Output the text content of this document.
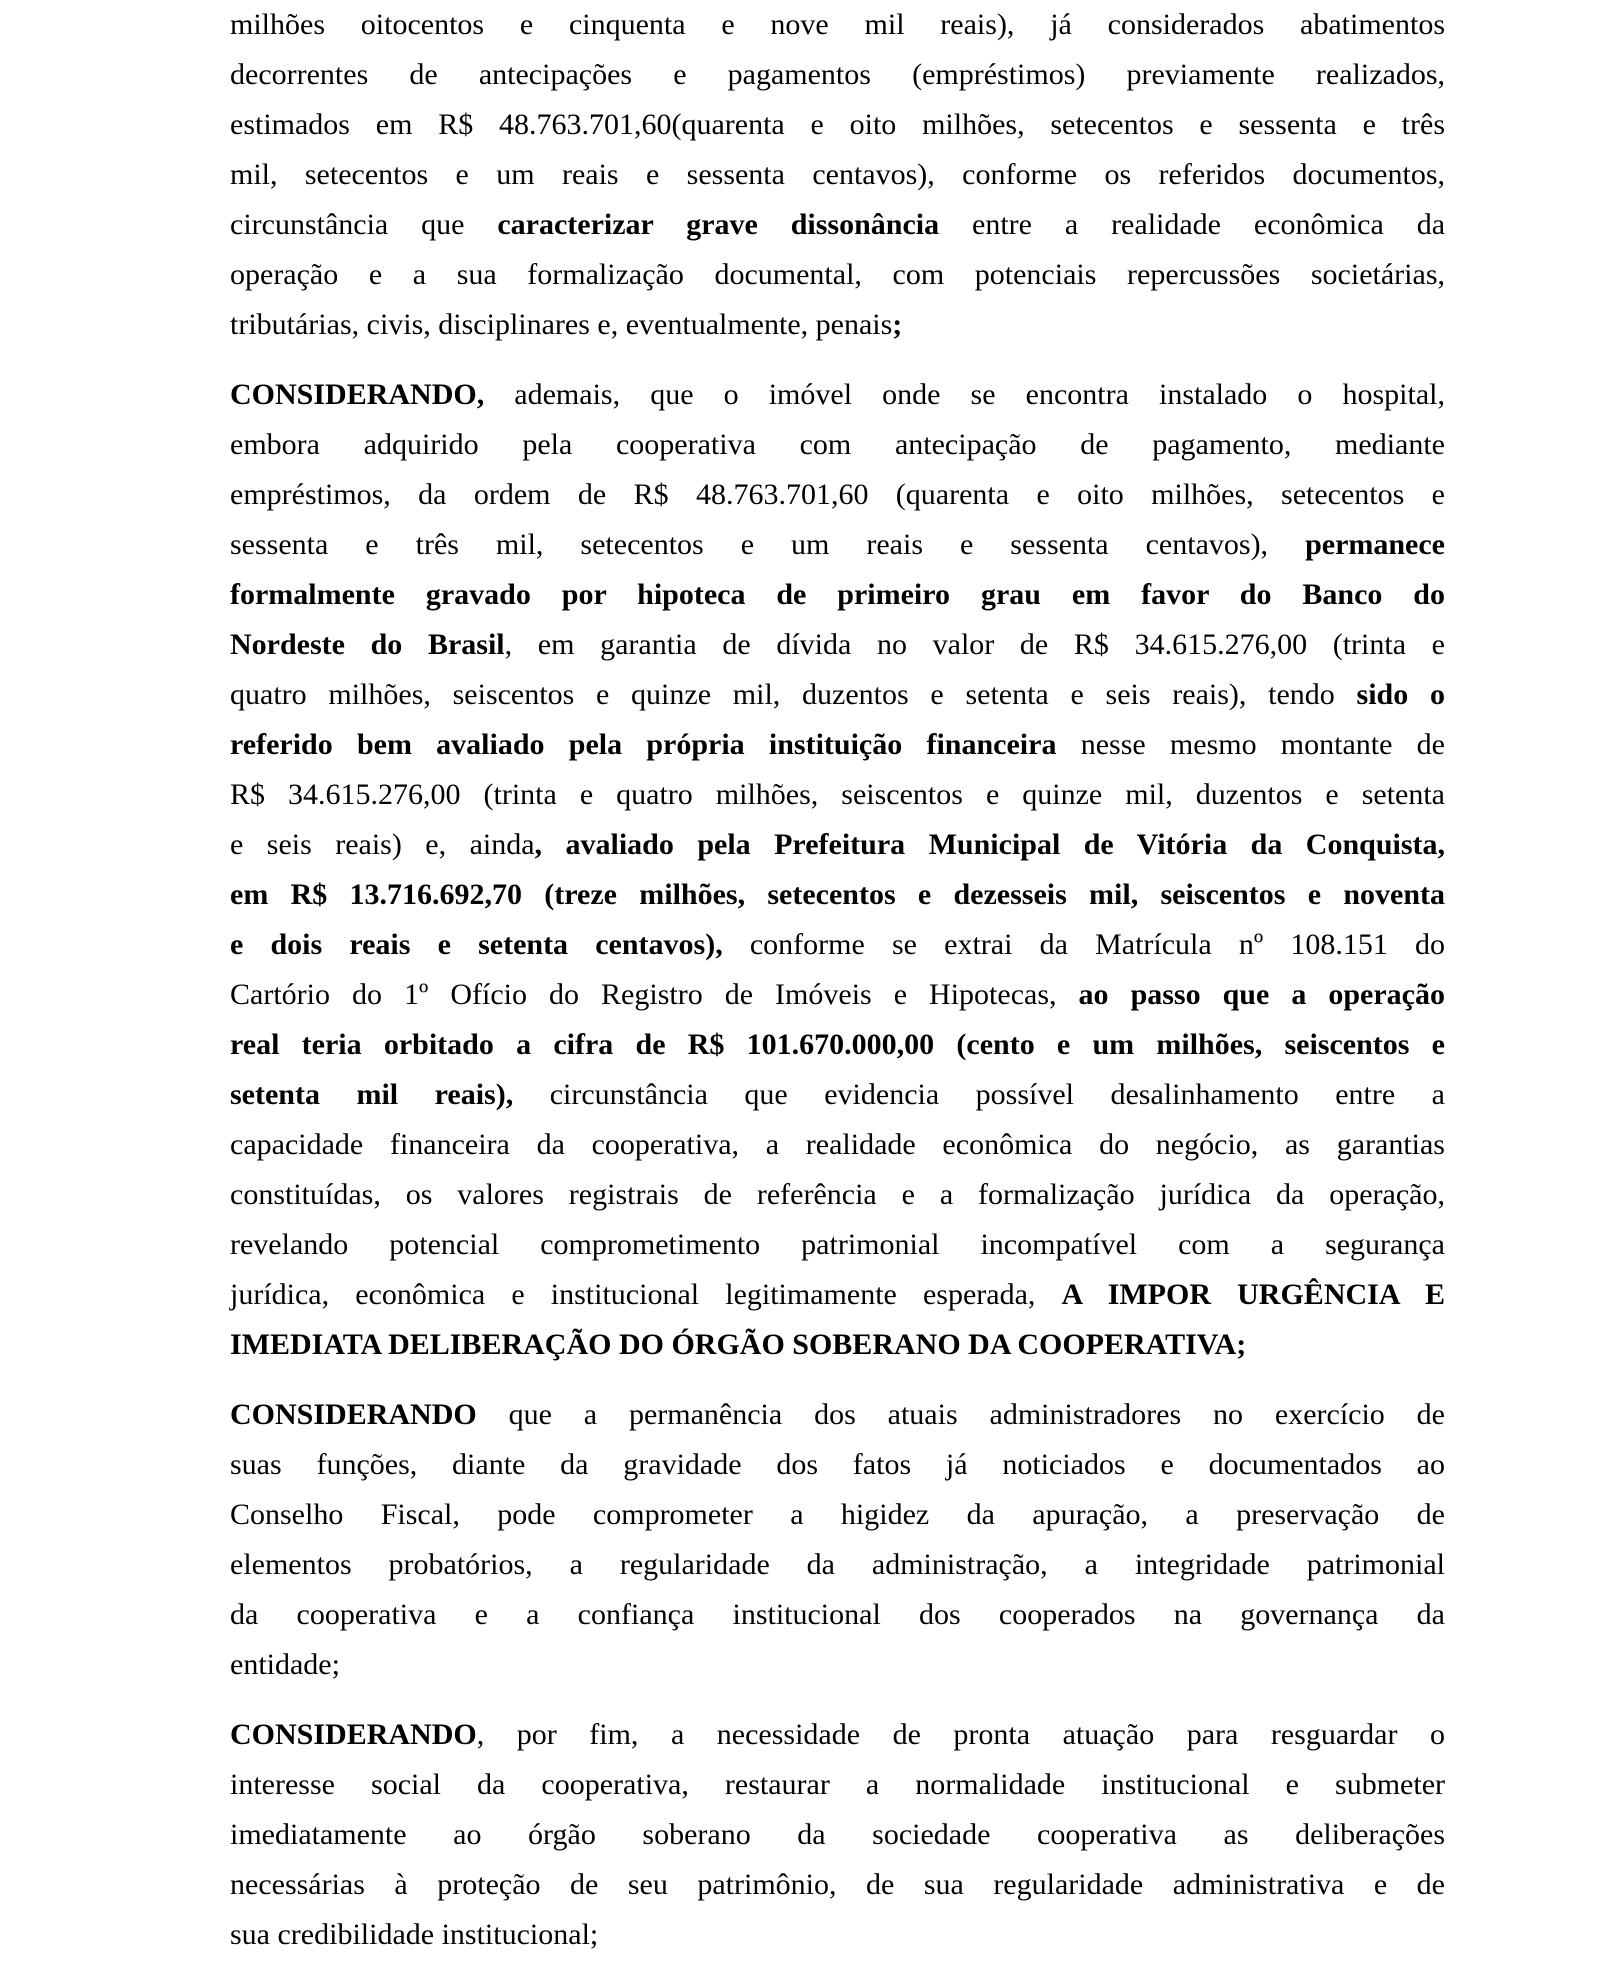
milhões oitocentos e cinquenta e nove mil reais), já considerados abatimentos
decorrentes de antecipações e pagamentos (empréstimos) previamente realizados,
estimados em R$ 48.763.701,60(quarenta e oito milhões, setecentos e sessenta e três
mil, setecentos e um reais e sessenta centavos), conforme os referidos documentos,
circunstância que caracterizar grave dissonância entre a realidade econômica da
operação e a sua formalização documental, com potenciais repercussões societárias,
tributárias, civis, disciplinares e, eventualmente, penais;
CONSIDERANDO, ademais, que o imóvel onde se encontra instalado o hospital,
embora adquirido pela cooperativa com antecipação de pagamento, mediante
empréstimos, da ordem de R$ 48.763.701,60 (quarenta e oito milhões, setecentos e
sessenta e três mil, setecentos e um reais e sessenta centavos), permanece
formalmente gravado por hipoteca de primeiro grau em favor do Banco do
Nordeste do Brasil, em garantia de dívida no valor de R$ 34.615.276,00 (trinta e
quatro milhões, seiscentos e quinze mil, duzentos e setenta e seis reais), tendo sido o
referido bem avaliado pela própria instituição financeira nesse mesmo montante de
R$ 34.615.276,00 (trinta e quatro milhões, seiscentos e quinze mil, duzentos e setenta
e seis reais) e, ainda, avaliado pela Prefeitura Municipal de Vitória da Conquista,
em R$ 13.716.692,70 (treze milhões, setecentos e dezesseis mil, seiscentos e noventa
e dois reais e setenta centavos), conforme se extrai da Matrícula nº 108.151 do
Cartório do 1º Ofício do Registro de Imóveis e Hipotecas, ao passo que a operação
real teria orbitado a cifra de R$ 101.670.000,00 (cento e um milhões, seiscentos e
setenta mil reais), circunstância que evidencia possível desalinhamento entre a
capacidade financeira da cooperativa, a realidade econômica do negócio, as garantias
constituídas, os valores registrais de referência e a formalização jurídica da operação,
revelando potencial comprometimento patrimonial incompatível com a segurança
jurídica, econômica e institucional legitimamente esperada, A IMPOR URGÊNCIA E
IMEDIATA DELIBERAÇÃO DO ÓRGÃO SOBERANO DA COOPERATIVA;
CONSIDERANDO que a permanência dos atuais administradores no exercício de
suas funções, diante da gravidade dos fatos já noticiados e documentados ao
Conselho Fiscal, pode comprometer a higidez da apuração, a preservação de
elementos probatórios, a regularidade da administração, a integridade patrimonial
da cooperativa e a confiança institucional dos cooperados na governança da
entidade;
CONSIDERANDO, por fim, a necessidade de pronta atuação para resguardar o
interesse social da cooperativa, restaurar a normalidade institucional e submeter
imediatamente ao órgão soberano da sociedade cooperativa as deliberações
necessárias à proteção de seu patrimônio, de sua regularidade administrativa e de
sua credibilidade institucional;
